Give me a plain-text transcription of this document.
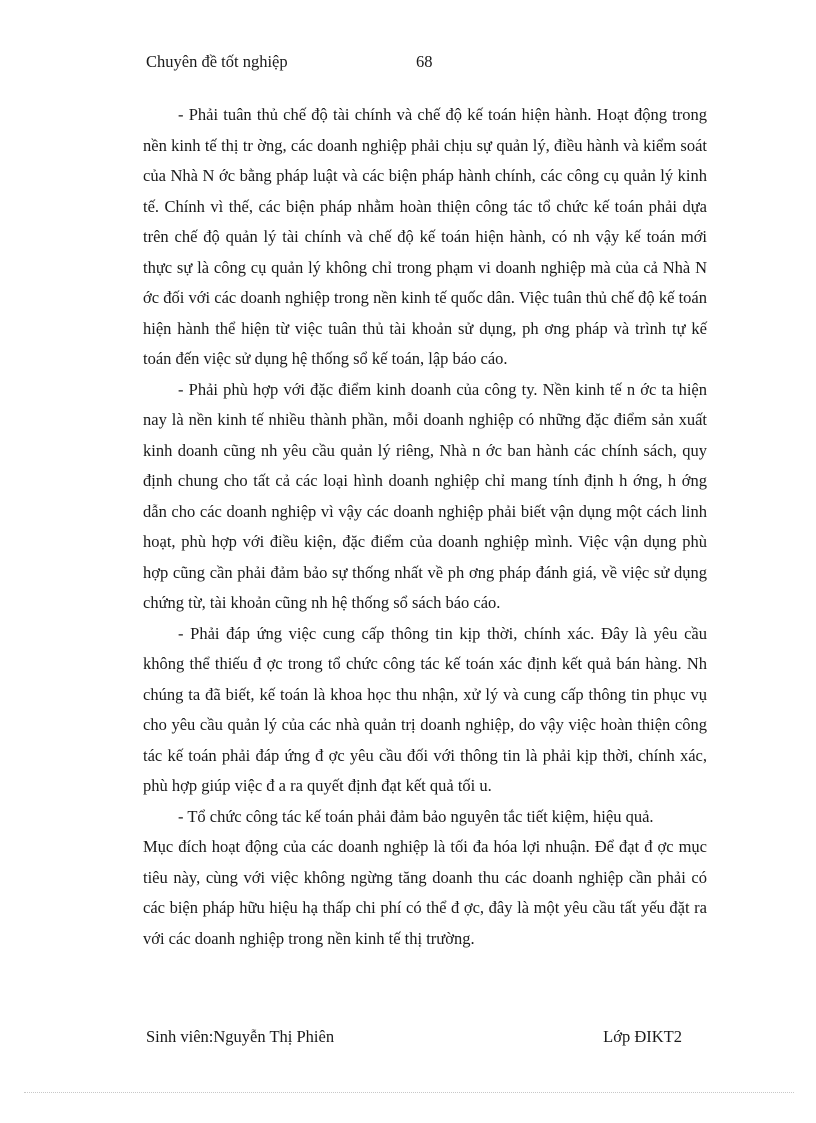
Chuyên đề tốt nghiệp	68

- Phải tuân thủ chế độ tài chính và chế độ kế toán hiện hành. Hoạt động trong nền kinh tế thị tr ờng, các doanh nghiệp phải chịu sự quản lý, điều hành và kiểm soát của Nhà N ớc bằng pháp luật và các biện pháp hành chính, các công cụ quản lý kinh tế. Chính vì thế, các biện pháp nhằm hoàn thiện công tác tổ chức kế toán phải dựa trên chế độ quản lý tài chính và chế độ kế toán hiện hành, có nh vậy kế toán mới thực sự là công cụ quản lý không chỉ trong phạm vi doanh nghiệp mà của cả Nhà N ớc đối với các doanh nghiệp trong nền kinh tế quốc dân. Việc tuân thủ chế độ kế toán hiện hành thể hiện từ việc tuân thủ tài khoản sử dụng, ph ơng pháp và trình tự kế toán đến việc sử dụng hệ thống sổ kế toán, lập báo cáo.

- Phải phù hợp với đặc điểm kinh doanh của công ty. Nền kinh tế n ớc ta hiện nay là nền kinh tế nhiều thành phần, mỗi doanh nghiệp có những đặc điểm sản xuất kinh doanh cũng nh yêu cầu quản lý riêng, Nhà n ớc ban hành các chính sách, quy định chung cho tất cả các loại hình doanh nghiệp chỉ mang tính định h ớng, h ớng dẫn cho các doanh nghiệp vì vậy các doanh nghiệp phải biết vận dụng một cách linh hoạt, phù hợp với điều kiện, đặc điểm của doanh nghiệp mình. Việc vận dụng phù hợp cũng cần phải đảm bảo sự thống nhất về ph ơng pháp đánh giá, về việc sử dụng chứng từ, tài khoản cũng nh hệ thống sổ sách báo cáo.

- Phải đáp ứng việc cung cấp thông tin kịp thời, chính xác. Đây là yêu cầu không thể thiếu đ ợc trong tổ chức công tác kế toán xác định kết quả bán hàng. Nh chúng ta đã biết, kế toán là khoa học thu nhận, xử lý và cung cấp thông tin phục vụ cho yêu cầu quản lý của các nhà quản trị doanh nghiệp, do vậy việc hoàn thiện công tác kế toán phải đáp ứng đ ợc yêu cầu đối với thông tin là phải kịp thời, chính xác, phù hợp giúp việc đ a ra quyết định đạt kết quả tối u.

- Tổ chức công tác kế toán phải đảm bảo nguyên tắc tiết kiệm, hiệu quả.

Mục đích hoạt động của các doanh nghiệp là tối đa hóa lợi nhuận. Để đạt đ ợc mục tiêu này, cùng với việc không ngừng tăng doanh thu các doanh nghiệp cần phải có các biện pháp hữu hiệu hạ thấp chi phí có thể đ ợc, đây là một yêu cầu tất yếu đặt ra với các doanh nghiệp trong nền kinh tế thị trường.

Sinh viên:Nguyễn Thị Phiên	Lớp ĐIKT2
